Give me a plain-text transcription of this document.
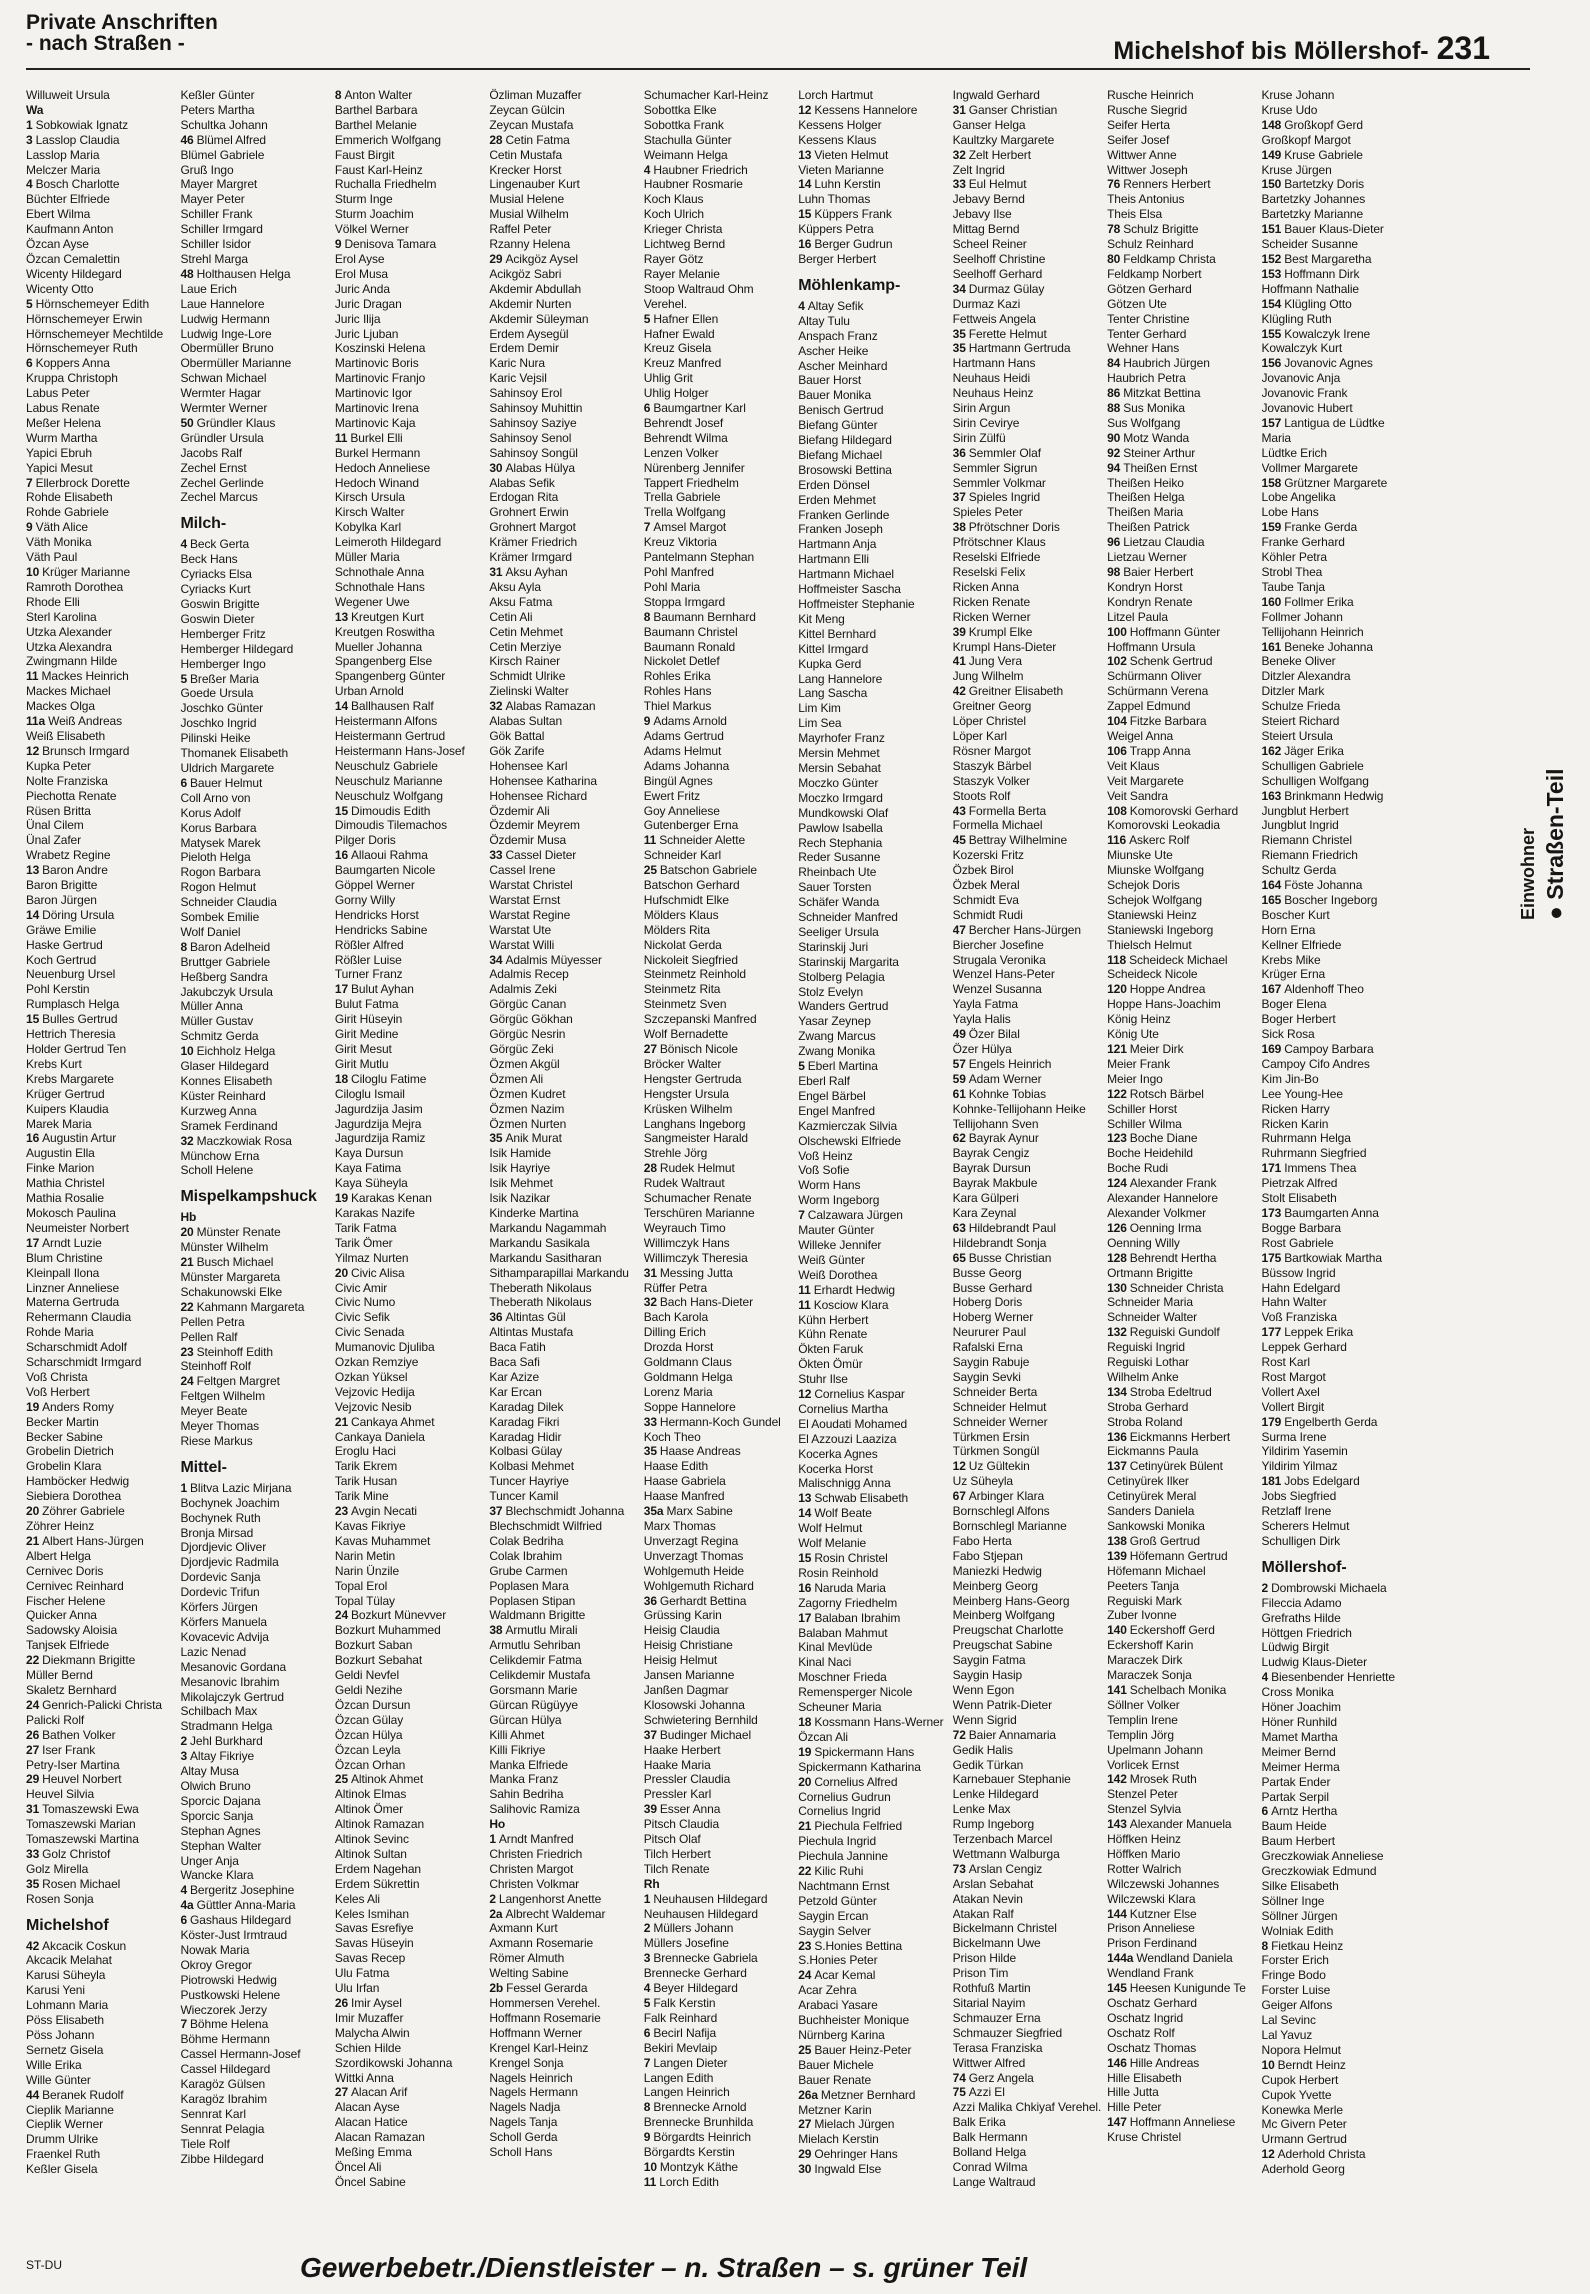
Private Anschriften
- nach Straßen -	Michelshof bis Möllershof- 231
Willuweit Ursula
Wa
1 Sobkowiak Ignatz
3 Lasslop Claudia
Lasslop Maria
Melczer Maria
4 Bosch Charlotte
Büchter Elfriede
Ebert Wilma
Kaufmann Anton
Özcan Ayse
Özcan Cemalettin
Wicenty Hildegard
Wicenty Otto
5 Hörnschemeyer Edith
Hörnschemeyer Erwin
Hörnschemeyer Mechtilde
Hörnschemeyer Ruth
6 Koppers Anna
Kruppa Christoph
Labus Peter
Labus Renate
Meßer Helena
Wurm Martha
Yapici Ebruh
Yapici Mesut
7 Ellerbrock Dorette
Rohde Elisabeth
Rohde Gabriele
9 Väth Alice
Väth Monika
Väth Paul
10 Krüger Marianne
Ramroth Dorothea
Rhode Elli
Sterl Karolina
Utzka Alexander
Utzka Alexandra
Zwingmann Hilde
11 Mackes Heinrich
Mackes Michael
Mackes Olga
11a Weiß Andreas
Weiß Elisabeth
12 Brunsch Irmgard
Kupka Peter
Nolte Franziska
Piechotta Renate
Rüsen Britta
Ünal Cilem
Ünal Zafer
Wrabetz Regine
13 Baron Andre
Baron Brigitte
Baron Jürgen
14 Döring Ursula
Gräwe Emilie
Haske Gertrud
Koch Gertrud
Neuenburg Ursel
Pohl Kerstin
Rumplasch Helga
15 Bulles Gertrud
Hettrich Theresia
Holder Gertrud Ten
Krebs Kurt
Krebs Margarete
Krüger Gertrud
Kuipers Klaudia
Marek Maria
16 Augustin Artur
Augustin Ella
Finke Marion
Mathia Christel
Mathia Rosalie
Mokosch Paulina
Neumeister Norbert
17 Arndt Luzie
Blum Christine
Kleinpall Ilona
Linzner Anneliese
Materna Gertruda
Rehermann Claudia
Rohde Maria
Scharschmidt Adolf
Scharschmidt Irmgard
Voß Christa
Voß Herbert
19 Anders Romy
Becker Martin
Becker Sabine
Grobelin Dietrich
Grobelin Klara
Hamböcker Hedwig
Siebiera Dorothea
20 Zöhrer Gabriele
Zöhrer Heinz
21 Albert Hans-Jürgen
Albert Helga
Cernivec Doris
Cernivec Reinhard
Fischer Helene
Quicker Anna
Sadowsky Aloisia
Tanjsek Elfriede
22 Diekmann Brigitte
Müller Bernd
Skaletz Bernhard
24 Genrich-Palicki Christa
Palicki Rolf
26 Bathen Volker
27 Iser Frank
Petry-Iser Martina
29 Heuvel Norbert
Heuvel Silvia
31 Tomaszewski Ewa
Tomaszewski Marian
Tomaszewski Martina
33 Golz Christof
Golz Mirella
35 Rosen Michael
Rosen Sonja
Michelshof
42 Akcacik Coskun
Akcacik Melahat
Karusi Süheyla
Karusi Yeni
Lohmann Maria
Pöss Elisabeth
Pöss Johann
Sernetz Gisela
Wille Erika
Wille Günter
44 Beranek Rudolf
Cieplik Marianne
Cieplik Werner
Drumm Ulrike
Fraenkel Ruth
Keßler Gisela
Keßler Günter
Peters Martha
Schultka Johann
46 Blümel Alfred
Blümel Gabriele
Gruß Ingo
Mayer Margret
Mayer Peter
Schiller Frank
Schiller Irmgard
Schiller Isidor
Strehl Marga
48 Holthausen Helga
Laue Erich
Laue Hannelore
Ludwig Hermann
Ludwig Inge-Lore
Obermüller Bruno
Obermüller Marianne
Schwan Michael
Wermter Hagar
Wermter Werner
50 Gründler Klaus
Gründler Ursula
Jacobs Ralf
Zechel Ernst
Zechel Gerlinde
Zechel Marcus
Milch-
4 Beck Gerta
Beck Hans
Cyriacks Elsa
Cyriacks Kurt
Goswin Brigitte
Goswin Dieter
Hemberger Fritz
Hemberger Hildegard
Hemberger Ingo
5 Breßer Maria
Goede Ursula
Joschko Günter
Joschko Ingrid
Pilinski Heike
Thomanek Elisabeth
Uldrich Margarete
6 Bauer Helmut
Coll Arno von
Korus Adolf
Korus Barbara
Matysek Marek
Pieloth Helga
Rogon Barbara
Rogon Helmut
Schneider Claudia
Sombek Emilie
Wolf Daniel
8 Baron Adelheid
Bruttger Gabriele
Heßberg Sandra
Jakubczyk Ursula
Müller Anna
Müller Gustav
Schmitz Gerda
10 Eichholz Helga
Glaser Hildegard
Konnes Elisabeth
Küster Reinhard
Kurzweg Anna
Sramek Ferdinand
32 Maczkowiak Rosa
Münchow Erna
Scholl Helene
Mispelkampshuck
Hb
20 Münster Renate
Münster Wilhelm
21 Busch Michael
Münster Margareta
Schakunowski Elke
22 Kahmann Margareta
Pellen Petra
Pellen Ralf
23 Steinhoff Edith
Steinhoff Rolf
24 Feltgen Margret
Feltgen Wilhelm
Meyer Beate
Meyer Thomas
Riese Markus
Mittel-
1 Blitva Lazic Mirjana
Bochynek Joachim
Bochynek Ruth
Bronja Mirsad
Djordjevic Oliver
Djordjevic Radmila
Dordevic Sanja
Dordevic Trifun
Körfers Jürgen
Körfers Manuela
Kovacevic Advija
Lazic Nenad
Mesanovic Gordana
Mesanovic Ibrahim
Mikolajczyk Gertrud
Schilbach Max
Stradmann Helga
2 Jehl Burkhard
3 Altay Fikriye
Altay Musa
Olwich Bruno
Sporcic Dajana
Sporcic Sanja
Stephan Agnes
Stephan Walter
Unger Anja
Wancke Klara
4 Bergeritz Josephine
4a Güttler Anna-Maria
6 Gashaus Hildegard
Köster-Just Irmtraud
Nowak Maria
Okroy Gregor
Piotrowski Hedwig
Pustkowski Helene
Wieczorek Jerzy
7 Böhme Helena
Böhme Hermann
Cassel Hermann-Josef
Cassel Hildegard
Karagöz Gülsen
Karagöz Ibrahim
Sennrat Karl
Sennrat Pelagia
Tiele Rolf
Zibbe Hildegard
8 Anton Walter
Barthel Barbara
Barthel Melanie
Emmerich Wolfgang
Faust Birgit
Faust Karl-Heinz
Ruchalla Friedhelm
Sturm Inge
Sturm Joachim
Völkel Werner
9 Denisova Tamara
Erol Ayse
Erol Musa
Juric Anda
Juric Dragan
Juric Ilija
Juric Ljuban
Koszinski Helena
Martinovic Boris
Martinovic Franjo
Martinovic Igor
Martinovic Irena
Martinovic Kaja
11 Burkel Elli
Burkel Hermann
Hedoch Anneliese
Hedoch Winand
Kirsch Ursula
Kirsch Walter
Kobylka Karl
Leimeroth Hildegard
Müller Maria
Schnothale Anna
Schnothale Hans
Wegener Uwe
13 Kreutgen Kurt
Kreutgen Roswitha
Mueller Johanna
Spangenberg Else
Spangenberg Günter
Urban Arnold
14 Ballhausen Ralf
Heistermann Alfons
Heistermann Gertrud
Heistermann Hans-Josef
Neuschulz Gabriele
Neuschulz Marianne
Neuschulz Wolfgang
15 Dimoudis Edith
Dimoudis Tilemachos
Pilger Doris
16 Allaoui Rahma
Baumgarten Nicole
Göppel Werner
Gorny Willy
Hendricks Horst
Hendricks Sabine
Rößler Alfred
Rößler Luise
Turner Franz
17 Bulut Ayhan
Bulut Fatma
Girit Hüseyin
Girit Medine
Girit Mesut
Girit Mutlu
18 Ciloglu Fatime
Ciloglu Ismail
Jagurdzija Jasim
Jagurdzija Mejra
Jagurdzija Ramiz
Kaya Dursun
Kaya Fatima
Kaya Süheyla
19 Karakas Kenan
Karakas Nazife
Tarik Fatma
Tarik Ömer
Yilmaz Nurten
20 Civic Alisa
Civic Amir
Civic Numo
Civic Sefik
Civic Senada
Mumanovic Djuliba
Ozkan Remziye
Ozkan Yüksel
Vejzovic Hedija
Vejzovic Nesib
21 Cankaya Ahmet
Cankaya Daniela
Eroglu Haci
Tarik Ekrem
Tarik Husan
Tarik Mine
23 Avgin Necati
Kavas Fikriye
Kavas Muhammet
Narin Metin
Narin Ünzile
Topal Erol
Topal Tülay
24 Bozkurt Münevver
Bozkurt Muhammed
Bozkurt Saban
Bozkurt Sebahat
Geldi Nevfel
Geldi Nezihe
Özcan Dursun
Özcan Gülay
Özcan Hülya
Özcan Leyla
Özcan Orhan
25 Altinok Ahmet
Altinok Elmas
Altinok Ömer
Altinok Ramazan
Altinok Sevinc
Altinok Sultan
Erdem Nagehan
Erdem Sükrettin
Keles Ali
Keles Ismihan
Savas Esrefiye
Savas Hüseyin
Savas Recep
Ulu Fatma
Ulu Irfan
26 Imir Aysel
Imir Muzaffer
Malycha Alwin
Schien Hilde
Szordikowski Johanna
Wittki Anna
27 Alacan Arif
Alacan Ayse
Alacan Hatice
Alacan Ramazan
Meßing Emma
Öncel Ali
Öncel Sabine
Özliman Muzaffer
Zeycan Gülcin
Zeycan Mustafa
28 Cetin Fatma
Cetin Mustafa
Krecker Horst
Lingenauber Kurt
Musial Helene
Musial Wilhelm
Raffel Peter
Rzanny Helena
29 Acikgöz Aysel
Acikgöz Sabri
Akdemir Abdullah
Akdemir Nurten
Akdemir Süleyman
Erdem Aysegül
Erdem Demir
Karic Nura
Karic Vejsil
Sahinsoy Erol
Sahinsoy Muhittin
Sahinsoy Saziye
Sahinsoy Senol
Sahinsoy Songül
30 Alabas Hülya
Alabas Sefik
Erdogan Rita
Grohnert Erwin
Grohnert Margot
Krämer Friedrich
Krämer Irmgard
31 Aksu Ayhan
Aksu Ayla
Aksu Fatma
Cetin Ali
Cetin Mehmet
Cetin Merziye
Kirsch Rainer
Schmidt Ulrike
Zielinski Walter
32 Alabas Ramazan
Alabas Sultan
Gök Battal
Gök Zarife
Hohensee Karl
Hohensee Katharina
Hohensee Richard
Özdemir Ali
Özdemir Meyrem
Özdemir Musa
33 Cassel Dieter
Cassel Irene
Warstat Christel
Warstat Ernst
Warstat Regine
Warstat Ute
Warstat Willi
34 Adalmis Müyesser
Adalmis Recep
Adalmis Zeki
Görgüc Canan
Görgüc Gökhan
Görgüc Nesrin
Görgüc Zeki
Özmen Akgül
Özmen Ali
Özmen Kudret
Özmen Nazim
Özmen Nurten
35 Anik Murat
Isik Hamide
Isik Hayriye
Isik Mehmet
Isik Nazikar
Kinderke Martina
Markandu Nagammah
Markandu Sasikala
Markandu Sasitharan
Sithamparapillai Markandu
Theberath Nikolaus
Theberath Nikolaus
36 Altintas Gül
Altintas Mustafa
Baca Fatih
Baca Safi
Kar Azize
Kar Ercan
Karadag Dilek
Karadag Fikri
Karadag Hidir
Kolbasi Gülay
Kolbasi Mehmet
Tuncer Hayriye
Tuncer Kamil
37 Blechschmidt Johanna
Blechschmidt Wilfried
Colak Bedriha
Colak Ibrahim
Grube Carmen
Poplasen Mara
Poplasen Stipan
Waldmann Brigitte
38 Armutlu Mirali
Armutlu Sehriban
Celikdemir Fatma
Celikdemir Mustafa
Gorsmann Marie
Gürcan Rügüyye
Gürcan Hülya
Killi Ahmet
Killi Fikriye
Manka Elfriede
Manka Franz
Sahin Bedriha
Salihovic Ramiza
Ho
1 Arndt Manfred
Christen Friedrich
Christen Margot
Christen Volkmar
2 Langenhorst Anette
2a Albrecht Waldemar
Axmann Kurt
Axmann Rosemarie
Römer Almuth
Welting Sabine
2b Fessel Gerarda
Hommersen Verehel.
Hoffmann Rosemarie
Hoffmann Werner
Krengel Karl-Heinz
Krengel Sonja
Nagels Heinrich
Nagels Hermann
Nagels Nadja
Nagels Tanja
Scholl Gerda
Scholl Hans
Schumacher Karl-Heinz
Sobottka Elke
Sobottka Frank
Stachulla Günter
Weimann Helga
4 Haubner Friedrich
Haubner Rosmarie
Koch Klaus
Koch Ulrich
Krieger Christa
Lichtweg Bernd
Rayer Götz
Rayer Melanie
Stoop Waltraud Ohm
Verehel.
5 Hafner Ellen
Hafner Ewald
Kreuz Gisela
Kreuz Manfred
Uhlig Grit
Uhlig Holger
6 Baumgartner Karl
Behrendt Josef
Behrendt Wilma
Lenzen Volker
Nürenberg Jennifer
Tappert Friedhelm
Trella Gabriele
Trella Wolfgang
7 Amsel Margot
Kreuz Viktoria
Pantelmann Stephan
Pohl Manfred
Pohl Maria
Stoppa Irmgard
8 Baumann Bernhard
Baumann Christel
Baumann Ronald
Nickolet Detlef
Rohles Erika
Rohles Hans
Thiel Markus
9 Adams Arnold
Adams Gertrud
Adams Helmut
Adams Johanna
Bingül Agnes
Ewert Fritz
Goy Anneliese
Gutenberger Erna
11 Schneider Alette
Schneider Karl
25 Batschon Gabriele
Batschon Gerhard
Hufschmidt Elke
Mölders Klaus
Mölders Rita
Nickolat Gerda
Nickoleit Siegfried
Steinmetz Reinhold
Steinmetz Rita
Steinmetz Sven
Szczepanski Manfred
Wolf Bernadette
27 Bönisch Nicole
Bröcker Walter
Hengster Gertruda
Hengster Ursula
Krüsken Wilhelm
Langhans Ingeborg
Sangmeister Harald
Strehle Jörg
28 Rudek Helmut
Rudek Waltraut
Schumacher Renate
Terschüren Marianne
Weyrauch Timo
Willimczyk Hans
Willimczyk Theresia
31 Messing Jutta
Rüffer Petra
32 Bach Hans-Dieter
Bach Karola
Dilling Erich
Drozda Horst
Goldmann Claus
Goldmann Helga
Lorenz Maria
Soppe Hannelore
33 Hermann-Koch Gundel
Koch Theo
35 Haase Andreas
Haase Edith
Haase Gabriela
Haase Manfred
35a Marx Sabine
Marx Thomas
Unverzagt Regina
Unverzagt Thomas
Wohlgemuth Heide
Wohlgemuth Richard
36 Gerhardt Bettina
Grüssing Karin
Heisig Claudia
Heisig Christiane
Heisig Helmut
Jansen Marianne
Janßen Dagmar
Klosowski Johanna
Schwietering Bernhild
37 Budinger Michael
Haake Herbert
Haake Maria
Pressler Claudia
Pressler Karl
39 Esser Anna
Pitsch Claudia
Pitsch Olaf
Tilch Herbert
Tilch Renate
Rh
1 Neuhausen Hildegard
Neuhausen Hildegard
2 Müllers Johann
Müllers Josefine
3 Brennecke Gabriela
Brennecke Gerhard
4 Beyer Hildegard
5 Falk Kerstin
Falk Reinhard
6 Becirl Nafija
Bekiri Mevlaip
7 Langen Dieter
Langen Edith
Langen Heinrich
8 Brennecke Arnold
Brennecke Brunhilda
9 Börgardts Heinrich
Börgardts Kerstin
10 Montzyk Käthe
11 Lorch Edith
Lorch Hartmut
12 Kessens Hannelore
Kessens Holger
Kessens Klaus
13 Vieten Helmut
Vieten Marianne
14 Luhn Kerstin
Luhn Thomas
15 Küppers Frank
Küppers Petra
16 Berger Gudrun
Berger Herbert
Möhlenkamp-
4 Altay Sefik
Altay Tulu
Anspach Franz
Ascher Heike
Ascher Meinhard
Bauer Horst
Bauer Monika
Benisch Gertrud
Biefang Günter
Biefang Hildegard
Biefang Michael
Brosowski Bettina
Erden Dönsel
Erden Mehmet
Franken Gerlinde
Franken Joseph
Hartmann Anja
Hartmann Elli
Hartmann Michael
Hoffmeister Sascha
Hoffmeister Stephanie
Kit Meng
Kittel Bernhard
Kittel Irmgard
Kupka Gerd
Lang Hannelore
Lang Sascha
Lim Kim
Lim Sea
Mayrhofer Franz
Mersin Mehmet
Mersin Sebahat
Moczko Günter
Moczko Irmgard
Mundkowski Olaf
Pawlow Isabella
Rech Stephania
Reder Susanne
Rheinbach Ute
Sauer Torsten
Schäfer Wanda
Schneider Manfred
Seeliger Ursula
Starinskij Juri
Starinskij Margarita
Stolberg Pelagia
Stolz Evelyn
Wanders Gertrud
Yasar Zeynep
Zwang Marcus
Zwang Monika
5 Eberl Martina
Eberl Ralf
Engel Bärbel
Engel Manfred
Kazmierczak Silvia
Olschewski Elfriede
Voß Heinz
Voß Sofie
Worm Hans
Worm Ingeborg
7 Calzawara Jürgen
Mauter Günter
Willeke Jennifer
Weiß Günter
Weiß Dorothea
11 Erhardt Hedwig
11 Kosciow Klara
Kühn Herbert
Kühn Renate
Ökten Faruk
Ökten Ömür
Stuhr Ilse
12 Cornelius Kaspar
Cornelius Martha
El Aoudati Mohamed
El Azzouzi Laaziza
Kocerka Agnes
Kocerka Horst
Malischnigg Anna
13 Schwab Elisabeth
14 Wolf Beate
Wolf Helmut
Wolf Melanie
15 Rosin Christel
Rosin Reinhold
16 Naruda Maria
Zagorny Friedhelm
17 Balaban Ibrahim
Balaban Mahmut
Kinal Mevlüde
Kinal Naci
Moschner Frieda
Remensperger Nicole
Scheuner Maria
18 Kossmann Hans-Werner
Özcan Ali
19 Spickermann Hans
Spickermann Katharina
20 Cornelius Alfred
Cornelius Gudrun
Cornelius Ingrid
21 Piechula Felfried
Piechula Ingrid
Piechula Jannine
22 Kilic Ruhi
Nachtmann Ernst
Petzold Günter
Saygin Ercan
Saygin Selver
23 S.Honies Bettina
S.Honies Peter
24 Acar Kemal
Acar Zehra
Arabaci Yasare
Buchheister Monique
Nürnberg Karina
25 Bauer Heinz-Peter
Bauer Michele
Bauer Renate
26a Metzner Bernhard
Metzner Karin
27 Mielach Jürgen
Mielach Kerstin
29 Oehringer Hans
30 Ingwald Else
Ingwald Gerhard
31 Ganser Christian
Ganser Helga
Kaultzky Margarete
32 Zelt Herbert
Zelt Ingrid
33 Eul Helmut
Jebavy Bernd
Jebavy Ilse
Mittag Bernd
Scheel Reiner
Seelhoff Christine
Seelhoff Gerhard
34 Durmaz Gülay
Durmaz Kazi
Fettweis Angela
35 Ferette Helmut
35 Hartmann Gertruda
Hartmann Hans
Neuhaus Heidi
Neuhaus Heinz
Sirin Argun
Sirin Cevirye
Sirin Zülfü
36 Semmler Olaf
Semmler Sigrun
Semmler Volkmar
37 Spieles Ingrid
Spieles Peter
38 Pfrötschner Doris
Pfrötschner Klaus
Reselski Elfriede
Reselski Felix
Ricken Anna
Ricken Renate
Ricken Werner
39 Krumpl Elke
Krumpl Hans-Dieter
41 Jung Vera
Jung Wilhelm
42 Greitner Elisabeth
Greitner Georg
Löper Christel
Löper Karl
Rösner Margot
Staszyk Bärbel
Staszyk Volker
Stoots Rolf
43 Formella Berta
Formella Michael
45 Bettray Wilhelmine
Kozerski Fritz
Özbek Birol
Özbek Meral
Schmidt Eva
Schmidt Rudi
47 Bercher Hans-Jürgen
Biercher Josefine
Strugala Veronika
Wenzel Hans-Peter
Wenzel Susanna
Yayla Fatma
Yayla Halis
49 Özer Bilal
Özer Hülya
57 Engels Heinrich
59 Adam Werner
61 Kohnke Tobias
Kohnke-Tellijohann Heike
Tellijohann Sven
62 Bayrak Aynur
Bayrak Cengiz
Bayrak Dursun
Bayrak Makbule
Kara Gülperi
Kara Zeynal
63 Hildebrandt Paul
Hildebrandt Sonja
65 Busse Christian
Busse Georg
Busse Gerhard
Hoberg Doris
Hoberg Werner
Neururer Paul
Rafalski Erna
Saygin Rabuje
Saygin Sevki
Schneider Berta
Schneider Helmut
Schneider Werner
Türkmen Ersin
Türkmen Songül
12 Uz Gültekin
Uz Süheyla
67 Arbinger Klara
Bornschlegl Alfons
Bornschlegl Marianne
Fabo Herta
Fabo Stjepan
Maniezki Hedwig
Meinberg Georg
Meinberg Hans-Georg
Meinberg Wolfgang
Preugschat Charlotte
Preugschat Sabine
Saygin Fatma
Saygin Hasip
Wenn Egon
Wenn Patrik-Dieter
Wenn Sigrid
72 Baier Annamaria
Gedik Halis
Gedik Türkan
Karnebauer Stephanie
Lenke Hildegard
Lenke Max
Rump Ingeborg
Terzenbach Marcel
Wettmann Walburga
73 Arslan Cengiz
Arslan Sebahat
Atakan Nevin
Atakan Ralf
Bickelmann Christel
Bickelmann Uwe
Prison Hilde
Prison Tim
Rothfuß Martin
Sitarial Nayim
Schmauzer Erna
Schmauzer Siegfried
Terasa Franziska
Wittwer Alfred
74 Gerz Angela
75 Azzi El
Azzi Malika Chkiyaf Verehel.
Balk Erika
Balk Hermann
Bolland Helga
Conrad Wilma
Lange Waltraud
Rusche Heinrich
Rusche Siegrid
Seifer Herta
Seifer Josef
Wittwer Anne
Wittwer Joseph
76 Renners Herbert
Theis Antonius
Theis Elsa
78 Schulz Brigitte
Schulz Reinhard
80 Feldkamp Christa
Feldkamp Norbert
Götzen Gerhard
Götzen Ute
Tenter Christine
Tenter Gerhard
Wehner Hans
84 Haubrich Jürgen
Haubrich Petra
86 Mitzkat Bettina
88 Sus Monika
Sus Wolfgang
90 Motz Wanda
92 Steiner Arthur
94 Theißen Ernst
Theißen Heiko
Theißen Helga
Theißen Maria
Theißen Patrick
96 Lietzau Claudia
Lietzau Werner
98 Baier Herbert
Kondryn Horst
Kondryn Renate
Litzel Paula
100 Hoffmann Günter
Hoffmann Ursula
102 Schenk Gertrud
Schürmann Oliver
Schürmann Verena
Zappel Edmund
104 Fitzke Barbara
Weigel Anna
106 Trapp Anna
Veit Klaus
Veit Margarete
Veit Sandra
108 Komorovski Gerhard
Komorovski Leokadia
116 Askerc Rolf
Miunske Ute
Miunske Wolfgang
Schejok Doris
Schejok Wolfgang
Staniewski Heinz
Staniewski Ingeborg
Thielsch Helmut
118 Scheideck Michael
Scheideck Nicole
120 Hoppe Andrea
Hoppe Hans-Joachim
König Heinz
König Ute
121 Meier Dirk
Meier Frank
Meier Ingo
122 Rotsch Bärbel
Schiller Horst
Schiller Wilma
123 Boche Diane
Boche Heidehild
Boche Rudi
124 Alexander Frank
Alexander Hannelore
Alexander Volkmer
126 Oenning Irma
Oenning Willy
128 Behrendt Hertha
Ortmann Brigitte
130 Schneider Christa
Schneider Maria
Schneider Walter
132 Reguiski Gundolf
Reguiski Ingrid
Reguiski Lothar
Wilhelm Anke
134 Stroba Edeltrud
Stroba Gerhard
Stroba Roland
136 Eickmanns Herbert
Eickmanns Paula
137 Cetinyürek Bülent
Cetinyürek Ilker
Cetinyürek Meral
Sanders Daniela
Sankowski Monika
138 Groß Gertrud
139 Höfemann Gertrud
Höfemann Michael
Peeters Tanja
Reguiski Mark
Zuber Ivonne
140 Eckershoff Gerd
Eckershoff Karin
Maraczek Dirk
Maraczek Sonja
141 Schelbach Monika
Söllner Volker
Templin Irene
Templin Jörg
Upelmann Johann
Vorlicek Ernst
142 Mrosek Ruth
Stenzel Peter
Stenzel Sylvia
143 Alexander Manuela
Höffken Heinz
Höffken Mario
Rotter Walrich
Wilczewski Johannes
Wilczewski Klara
144 Kutzner Else
Prison Anneliese
Prison Ferdinand
144a Wendland Daniela
Wendland Frank
145 Heesen Kunigunde Te
Oschatz Gerhard
Oschatz Ingrid
Oschatz Rolf
Oschatz Thomas
146 Hille Andreas
Hille Elisabeth
Hille Jutta
Hille Peter
147 Hoffmann Anneliese
Kruse Christel
Kruse Johann
Kruse Udo
148 Großkopf Gerd
Großkopf Margot
149 Kruse Gabriele
Kruse Jürgen
150 Bartetzky Doris
Bartetzky Johannes
Bartetzky Marianne
151 Bauer Klaus-Dieter
Scheider Susanne
152 Best Margaretha
153 Hoffmann Dirk
Hoffmann Nathalie
154 Klügling Otto
Klügling Ruth
155 Kowalczyk Irene
Kowalczyk Kurt
156 Jovanovic Agnes
Jovanovic Anja
Jovanovic Frank
Jovanovic Hubert
157 Lantigua de Lüdtke
Maria
Lüdtke Erich
Vollmer Margarete
158 Grützner Margarete
Lobe Angelika
Lobe Hans
159 Franke Gerda
Franke Gerhard
Köhler Petra
Strobl Thea
Taube Tanja
160 Follmer Erika
Follmer Johann
Tellijohann Heinrich
161 Beneke Johanna
Beneke Oliver
Ditzler Alexandra
Ditzler Mark
Schulze Frieda
Steiert Richard
Steiert Ursula
162 Jäger Erika
Schulligen Gabriele
Schulligen Wolfgang
163 Brinkmann Hedwig
Jungblut Herbert
Jungblut Ingrid
Riemann Christel
Riemann Friedrich
Schultz Gerda
164 Föste Johanna
165 Boscher Ingeborg
Boscher Kurt
Horn Erna
Kellner Elfriede
Krebs Mike
Krüger Erna
167 Aldenhoff Theo
Boger Elena
Boger Herbert
Sick Rosa
169 Campoy Barbara
Campoy Cifo Andres
Kim Jin-Bo
Lee Young-Hee
Ricken Harry
Ricken Karin
Ruhrmann Helga
Ruhrmann Siegfried
171 Immens Thea
Pietrzak Alfred
Stolt Elisabeth
173 Baumgarten Anna
Bogge Barbara
Rost Gabriele
175 Bartkowiak Martha
Büssow Ingrid
Hahn Edelgard
Hahn Walter
Voß Franziska
177 Leppek Erika
Leppek Gerhard
Rost Karl
Rost Margot
Vollert Axel
Vollert Birgit
179 Engelberth Gerda
Surma Irene
Yildirim Yasemin
Yildirim Yilmaz
181 Jobs Edelgard
Jobs Siegfried
Retzlaff Irene
Scherers Helmut
Schulligen Dirk
Möllershof-
2 Dombrowski Michaela
Fileccia Adamo
Grefraths Hilde
Höttgen Friedrich
Lüdwig Birgit
Ludwig Klaus-Dieter
4 Biesenbender Henriette
Cross Monika
Höner Joachim
Höner Runhild
Mamet Martha
Meimer Bernd
Meimer Herma
Partak Ender
Partak Serpil
6 Arntz Hertha
Baum Heide
Baum Herbert
Greczkowiak Anneliese
Greczkowiak Edmund
Silke Elisabeth
Söllner Inge
Söllner Jürgen
Wolniak Edith
8 Fietkau Heinz
Forster Erich
Fringe Bodo
Forster Luise
Geiger Alfons
Lal Sevinc
Lal Yavuz
Nopora Helmut
10 Berndt Heinz
Cupok Herbert
Cupok Yvette
Konewka Merle
Mc Givern Peter
Urmann Gertrud
12 Aderhold Christa
Aderhold Georg
Einwohner ● Straßen-Teil
ST-DU	Gewerbebetr./Dienstleister – n. Straßen – s. grüner Teil
